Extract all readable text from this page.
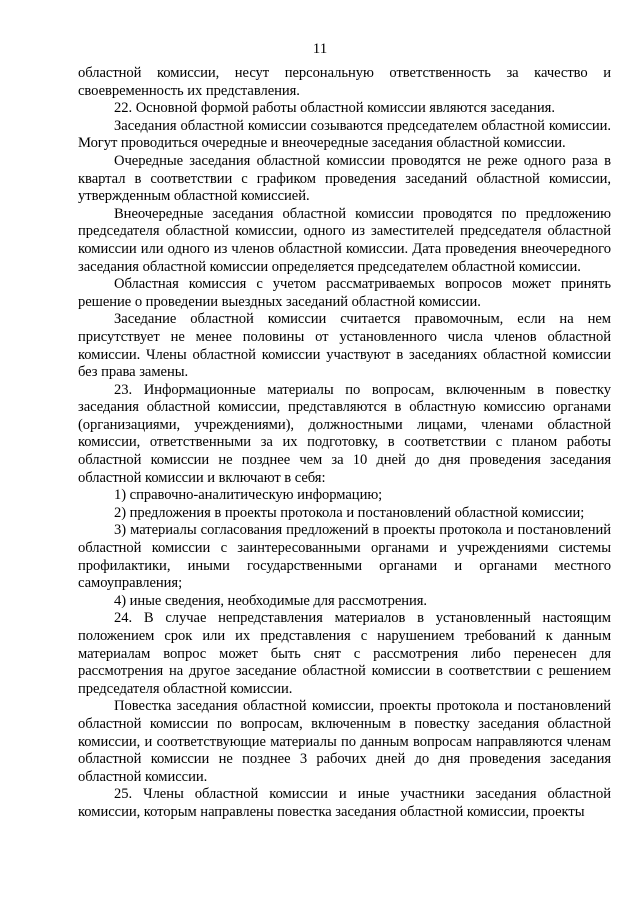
11

областной комиссии, несут персональную ответственность за качество и своевременность их представления.

22. Основной формой работы областной комиссии являются заседания.

Заседания областной комиссии созываются председателем областной комиссии. Могут проводиться очередные и внеочередные заседания областной комиссии.

Очередные заседания областной комиссии проводятся не реже одного раза в квартал в соответствии с графиком проведения заседаний областной комиссии, утвержденным областной комиссией.

Внеочередные заседания областной комиссии проводятся по предложению председателя областной комиссии, одного из заместителей председателя областной комиссии или одного из членов областной комиссии. Дата проведения внеочередного заседания областной комиссии определяется председателем областной комиссии.

Областная комиссия с учетом рассматриваемых вопросов может принять решение о проведении выездных заседаний областной комиссии.

Заседание областной комиссии считается правомочным, если на нем присутствует не менее половины от установленного числа членов областной комиссии. Члены областной комиссии участвуют в заседаниях областной комиссии без права замены.

23. Информационные материалы по вопросам, включенным в повестку заседания областной комиссии, представляются в областную комиссию органами (организациями, учреждениями), должностными лицами, членами областной комиссии, ответственными за их подготовку, в соответствии с планом работы областной комиссии не позднее чем за 10 дней до дня проведения заседания областной комиссии и включают в себя:

1) справочно-аналитическую информацию;

2) предложения в проекты протокола и постановлений областной комиссии;

3) материалы согласования предложений в проекты протокола и постановлений областной комиссии с заинтересованными органами и учреждениями системы профилактики, иными государственными органами и органами местного самоуправления;

4) иные сведения, необходимые для рассмотрения.

24. В случае непредставления материалов в установленный настоящим положением срок или их представления с нарушением требований к данным материалам вопрос может быть снят с рассмотрения либо перенесен для рассмотрения на другое заседание областной комиссии в соответствии с решением председателя областной комиссии.

Повестка заседания областной комиссии, проекты протокола и постановлений областной комиссии по вопросам, включенным в повестку заседания областной комиссии, и соответствующие материалы по данным вопросам направляются членам областной комиссии не позднее 3 рабочих дней до дня проведения заседания областной комиссии.

25. Члены областной комиссии и иные участники заседания областной комиссии, которым направлены повестка заседания областной комиссии, проекты
